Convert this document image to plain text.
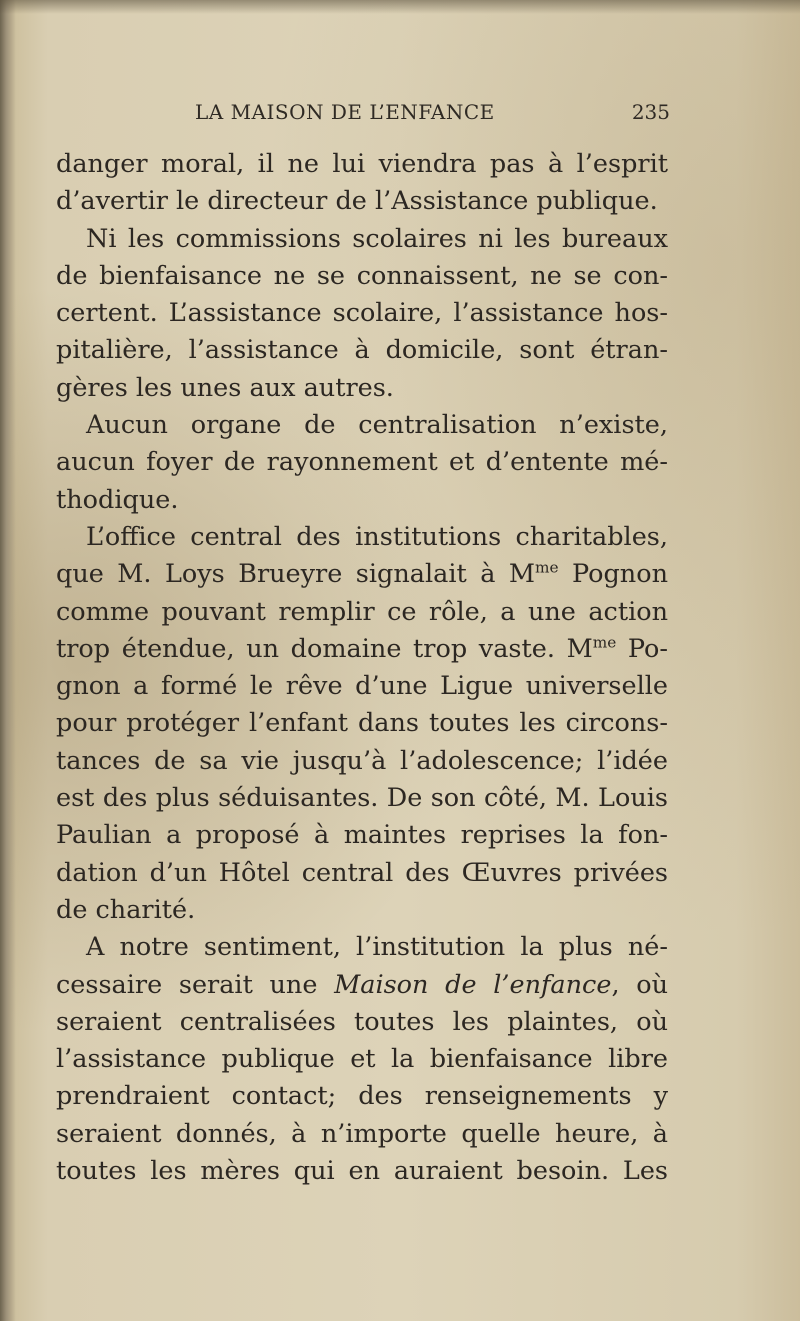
LA MAISON DE L’ENFANCE	235
danger moral, il ne lui viendra pas à l’esprit
d’avertir le directeur de l’Assistance publique.
Ni les commissions scolaires ni les bureaux
de bienfaisance ne se connaissent, ne se con-
certent. L’assistance scolaire, l’assistance hos-
pitalière, l’assistance à domicile, sont étran-
gères les unes aux autres.
Aucun organe de centralisation n’existe,
aucun foyer de rayonnement et d’entente mé-
thodique.
L’office central des institutions charitables,
que M. Loys Brueyre signalait à $M^{me}$ Pognon
comme pouvant remplir ce rôle, a une action
trop étendue, un domaine trop vaste. $M^{me}$ Po-
gnon a formé le rêve d’une Ligue universelle
pour protéger l’enfant dans toutes les circons-
tances de sa vie jusqu’à l’adolescence; l’idée
est des plus séduisantes. De son côté, M. Louis
Paulian a proposé à maintes reprises la fon-
dation d’un Hôtel central des Œuvres privées
de charité.
A notre sentiment, l’institution la plus né-
cessaire serait une Maison de l’enfance, où
seraient centralisées toutes les plaintes, où
l’assistance publique et la bienfaisance libre
prendraient contact; des renseignements y
seraient donnés, à n’importe quelle heure, à
toutes les mères qui en auraient besoin. Les
